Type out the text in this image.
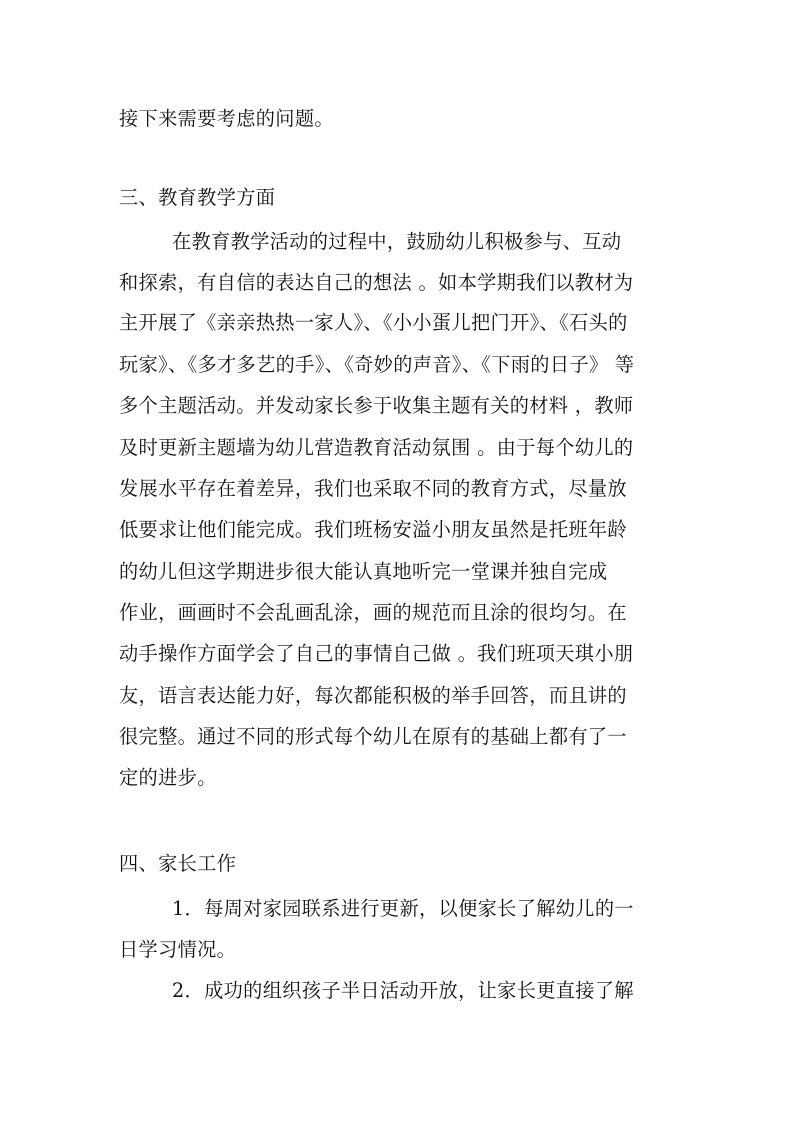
接下来需要考虑的问题。
三、教育教学方面
在教育教学活动的过程中，鼓励幼儿积极参与、互动
和探索，有自信的表达自己的想法 。如本学期我们以教材为
主开展了《亲亲热热一家人》、《小小蛋儿把门开》、《石头的
玩家》、《多才多艺的手》、《奇妙的声音》、《下雨的日子》 等
多个主题活动。并发动家长参于收集主题有关的材料 ，教师
及时更新主题墙为幼儿营造教育活动氛围 。由于每个幼儿的
发展水平存在着差异，我们也采取不同的教育方式，尽量放
低要求让他们能完成。我们班杨安溢小朋友虽然是托班年龄
的幼儿但这学期进步很大能认真地听完一堂课并独自完成
作业，画画时不会乱画乱涂，画的规范而且涂的很均匀。在
动手操作方面学会了自己的事情自己做 。我们班项天琪小朋
友，语言表达能力好，每次都能积极的举手回答，而且讲的
很完整。通过不同的形式每个幼儿在原有的基础上都有了一
定的进步。
四、家长工作
1．每周对家园联系进行更新，以便家长了解幼儿的一
日学习情况。
2．成功的组织孩子半日活动开放，让家长更直接了解
